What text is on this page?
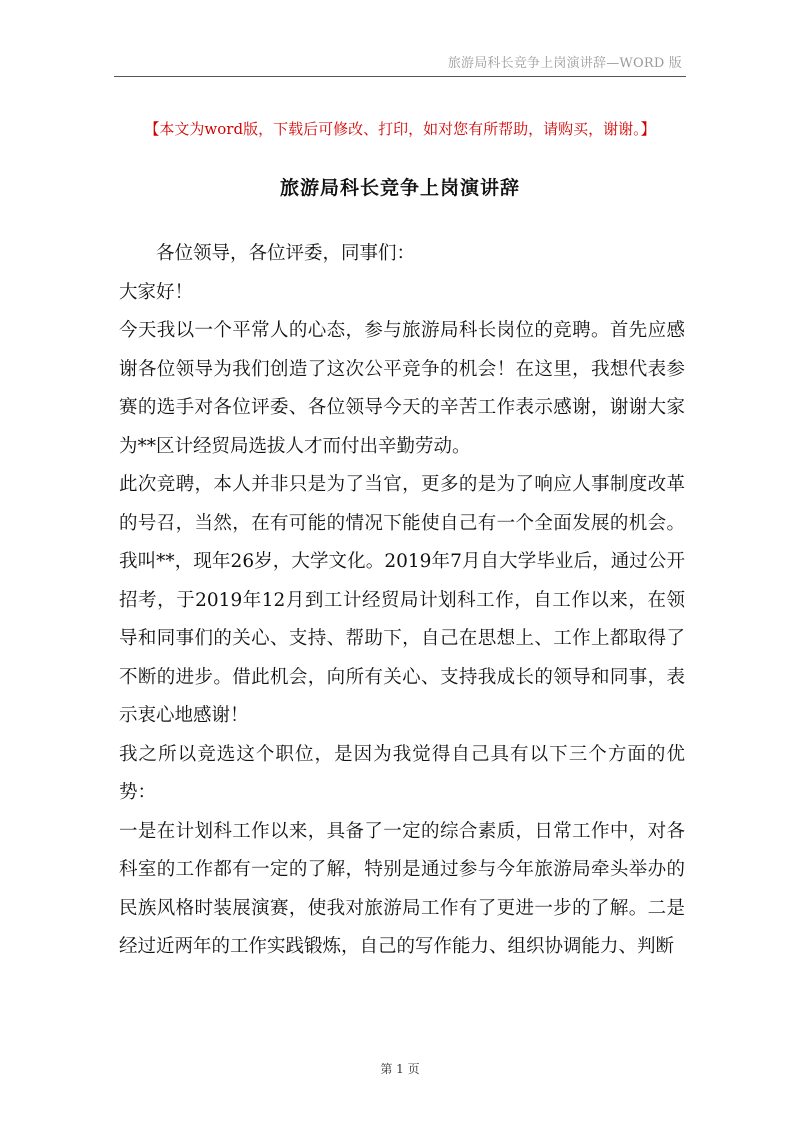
旅游局科长竞争上岗演讲辞—WORD 版
【本文为word版，下载后可修改、打印，如对您有所帮助，请购买，谢谢。】
旅游局科长竞争上岗演讲辞

各位领导，各位评委，同事们：

大家好！

今天我以一个平常人的心态，参与旅游局科长岗位的竞聘。首先应感谢各位领导为我们创造了这次公平竞争的机会！在这里，我想代表参赛的选手对各位评委、各位领导今天的辛苦工作表示感谢，谢谢大家为**区计经贸局选拔人才而付出辛勤劳动。

此次竞聘，本人并非只是为了当官，更多的是为了响应人事制度改革的号召，当然，在有可能的情况下能使自己有一个全面发展的机会。我叫**，现年26岁，大学文化。2019年7月自大学毕业后，通过公开招考，于2019年12月到工计经贸局计划科工作，自工作以来，在领导和同事们的关心、支持、帮助下，自己在思想上、工作上都取得了不断的进步。借此机会，向所有关心、支持我成长的领导和同事，表示衷心地感谢！

我之所以竞选这个职位，是因为我觉得自己具有以下三个方面的优势：

一是在计划科工作以来，具备了一定的综合素质，日常工作中，对各科室的工作都有一定的了解，特别是通过参与今年旅游局牵头举办的民族风格时装展演赛，使我对旅游局工作有了更进一步的了解。二是经过近两年的工作实践锻炼，自己的写作能力、组织协调能力、判断

第 1 页
